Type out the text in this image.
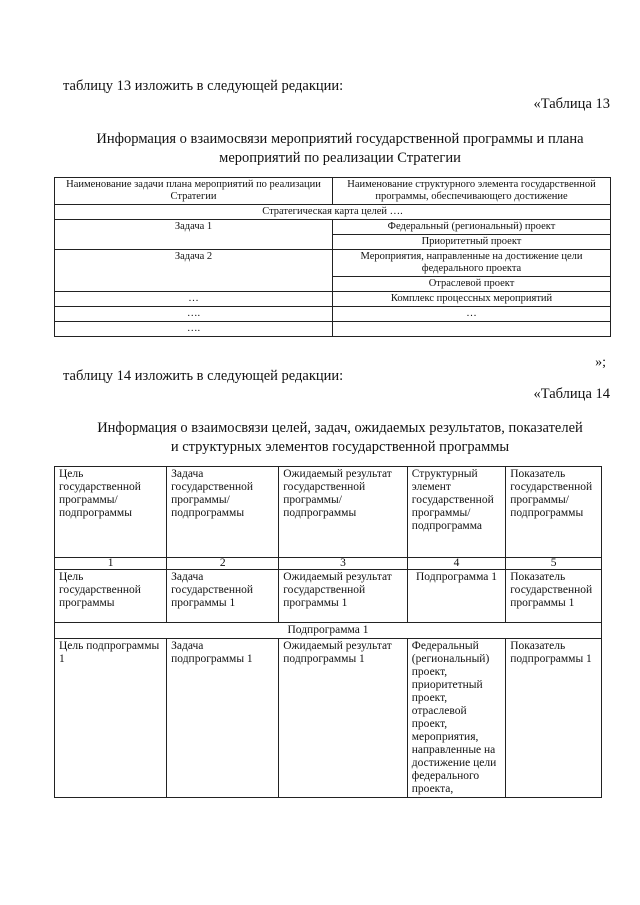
таблицу 13 изложить в следующей редакции:
«Таблица 13
Информация о взаимосвязи мероприятий государственной программы и плана
мероприятий по реализации Стратегии
Наименование задачи плана мероприятий по реализации Стратегии	Наименование структурного элемента государственной программы, обеспечивающего достижение
Стратегическая карта целей ….	
Задача 1	Федеральный (региональный) проект
	Приоритетный проект
Задача 2	Мероприятия, направленные на достижение цели федерального проекта
	Отраслевой проект
…	Комплекс процессных мероприятий
….	…
….	
»;
таблицу 14 изложить в следующей редакции:
«Таблица 14
Информация о взаимосвязи целей, задач, ожидаемых результатов, показателей
и структурных элементов государственной программы
Цель государственной программы/подпрограммы	Задача государственной программы/подпрограммы	Ожидаемый результат государственной программы/подпрограммы	Структурный элемент государственной программы/подпрограмма	Показатель государственной программы/подпрограммы
1	2	3	4	5
Цель государственной программы	Задача государственной программы 1	Ожидаемый результат государственной программы 1	Подпрограмма 1	Показатель государственной программы 1
Подпрограмма 1				
Цель подпрограммы 1	Задача подпрограммы 1	Ожидаемый результат подпрограммы 1	Федеральный (региональный) проект, приоритетный проект, отраслевой проект, мероприятия, направленные на достижение цели федерального проекта,	Показатель подпрограммы 1
